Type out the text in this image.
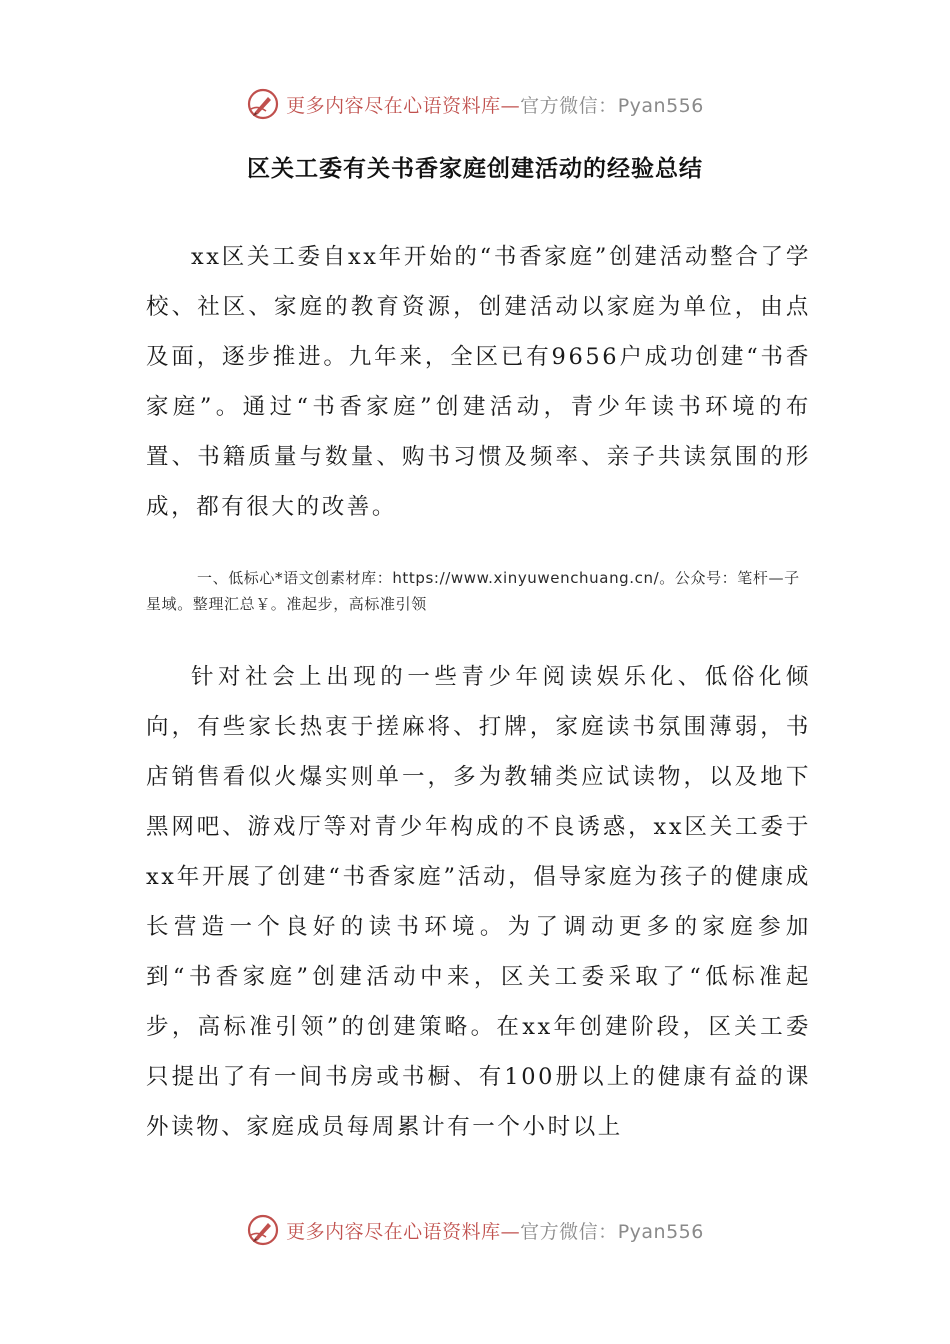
更多内容尽在心语资料库—官方微信：Pyan556
区关工委有关书香家庭创建活动的经验总结

xx区关工委自xx年开始的“书香家庭”创建活动整合了学校、社区、家庭的教育资源，创建活动以家庭为单位，由点及面，逐步推进。九年来，全区已有9656户成功创建“书香家庭”。通过“书香家庭”创建活动，青少年读书环境的布置、书籍质量与数量、购书习惯及频率、亲子共读氛围的形成，都有很大的改善。

一、低标心*语文创素材库：https://www.xinyuwenchuang.cn/。公众号：笔杆—子星域。整理汇总￥。准起步，高标准引领

针对社会上出现的一些青少年阅读娱乐化、低俗化倾向，有些家长热衷于搓麻将、打牌，家庭读书氛围薄弱，书店销售看似火爆实则单一，多为教辅类应试读物，以及地下黑网吧、游戏厅等对青少年构成的不良诱惑，xx区关工委于xx年开展了创建“书香家庭”活动，倡导家庭为孩子的健康成长营造一个良好的读书环境。为了调动更多的家庭参加到“书香家庭”创建活动中来，区关工委采取了“低标准起步，高标准引领”的创建策略。在xx年创建阶段，区关工委只提出了有一间书房或书橱、有100册以上的健康有益的课外读物、家庭成员每周累计有一个小时以上

更多内容尽在心语资料库—官方微信：Pyan556
